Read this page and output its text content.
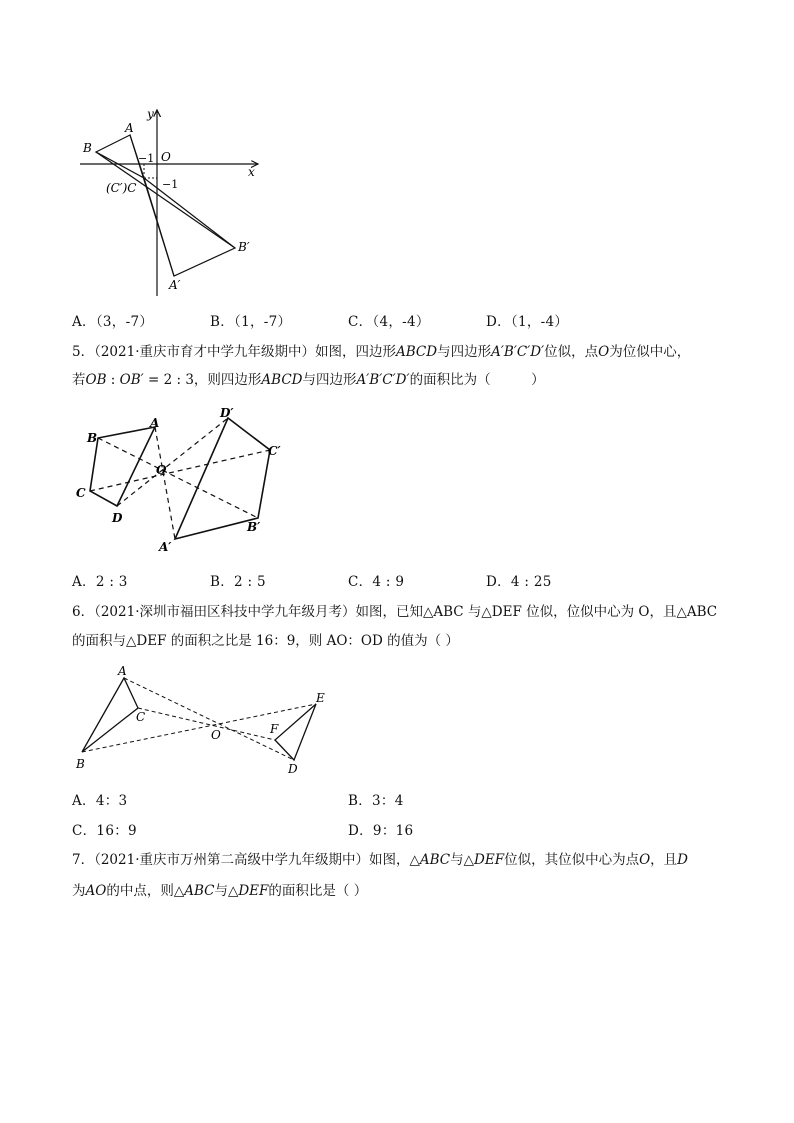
y
x
O
−1
−1
A
B
(C′)C
A′
B′
A．（3，-7）	B．（1，-7）	C．（4，-4）	D．（1，-4）
5．（2021·重庆市育才中学九年级期中）如图，四边形ABCD与四边形A′B′C′D′位似，点O为位似中心，
若OB : OB′ = 2 : 3，则四边形ABCD与四边形A′B′C′D′的面积比为（　　　）
A
B
C
D
O
A′
B′
C′
D′
A．2 : 3	B．2 : 5	C．4 : 9	D．4 : 25
6．（2021·深圳市福田区科技中学九年级月考）如图，已知△ABC 与△DEF 位似，位似中心为 O，且△ABC
的面积与△DEF 的面积之比是 16：9，则 AO：OD 的值为（ ）
A
B
C
D
E
F
O
A．4：3	B．3：4
C．16：9	D．9：16
7．（2021·重庆市万州第二高级中学九年级期中）如图，△ABC与△DEF位似，其位似中心为点O，且D
为AO的中点，则△ABC与△DEF的面积比是（ ）
